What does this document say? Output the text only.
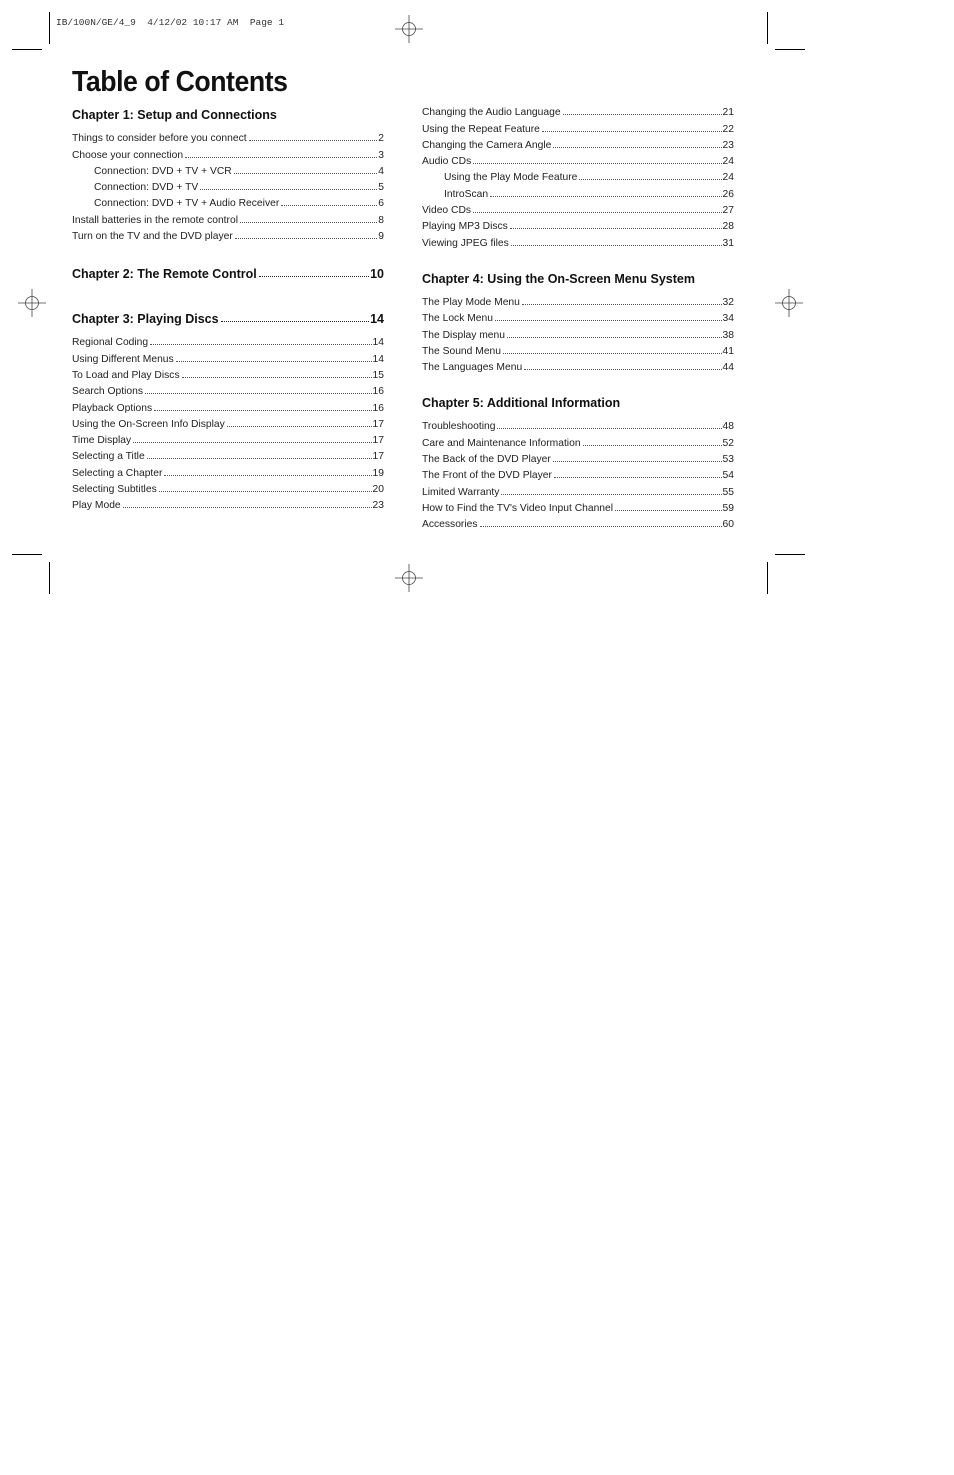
IB/100N/GE/4_9  4/12/02 10:17 AM  Page 1
Table of Contents
Chapter 1: Setup and Connections
Things to consider before you connect	2
Choose your connection	3
Connection: DVD + TV + VCR	4
Connection: DVD + TV	5
Connection: DVD + TV + Audio Receiver	6
Install batteries in the remote control	8
Turn on the TV and the DVD player	9
Chapter 2: The Remote Control	10
Chapter 3: Playing Discs	14
Regional Coding	14
Using Different Menus	14
To Load and Play Discs	15
Search Options	16
Playback Options	16
Using the On-Screen Info Display	17
Time Display	17
Selecting a Title	17
Selecting a Chapter	19
Selecting Subtitles	20
Play Mode	23
Changing the Audio Language	21
Using the Repeat Feature	22
Changing the Camera Angle	23
Audio CDs	24
Using the Play Mode Feature	24
IntroScan	26
Video CDs	27
Playing MP3 Discs	28
Viewing JPEG files	31
Chapter 4: Using the On-Screen Menu System
The Play Mode Menu	32
The Lock Menu	34
The Display menu	38
The Sound Menu	41
The Languages Menu	44
Chapter 5: Additional Information
Troubleshooting	48
Care and Maintenance Information	52
The Back of the DVD Player	53
The Front of the DVD Player	54
Limited Warranty	55
How to Find the TV's Video Input Channel	59
Accessories	60
